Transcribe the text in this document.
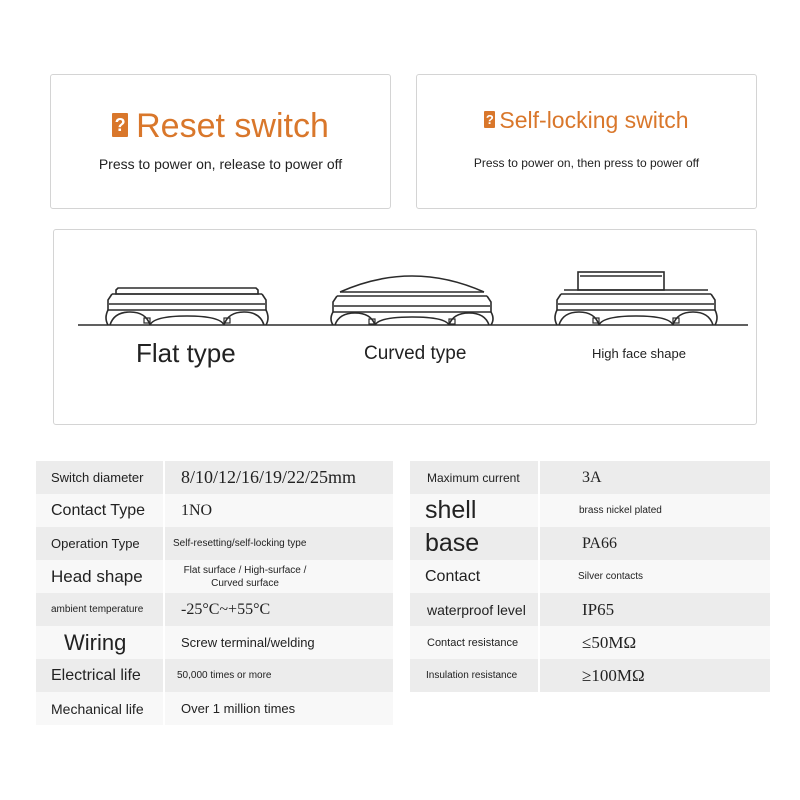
? Reset switch
Press to power on, release to power off
? Self-locking switch
Press to power on, then press to power off
Flat type	Curved type	High face shape
Switch diameter	8/10/12/16/19/22/25mm
Contact Type	1NO
Operation Type	Self-resetting/self-locking type
Head shape	Flat surface / High-surface / Curved surface
ambient temperature	-25°C~+55°C
Wiring	Screw terminal/welding
Electrical life	50,000 times or more
Mechanical life	Over 1 million times
Maximum current	3A
shell	brass nickel plated
base	PA66
Contact	Silver contacts
waterproof level	IP65
Contact resistance	≤50MΩ
Insulation resistance	≥100MΩ
